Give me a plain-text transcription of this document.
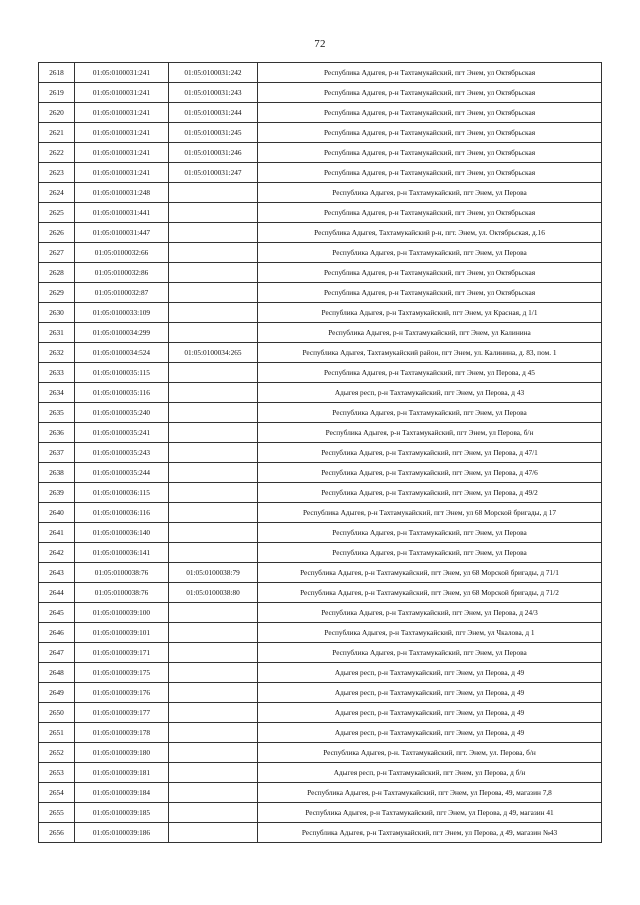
72
2618	01:05:0100031:241	01:05:0100031:242	Республика Адыгея, р-н Тахтамукайский, пгт Энем, ул Октябрьская
2619	01:05:0100031:241	01:05:0100031:243	Республика Адыгея, р-н Тахтамукайский, пгт Энем, ул Октябрьская
2620	01:05:0100031:241	01:05:0100031:244	Республика Адыгея, р-н Тахтамукайский, пгт Энем, ул Октябрьская
2621	01:05:0100031:241	01:05:0100031:245	Республика Адыгея, р-н Тахтамукайский, пгт Энем, ул Октябрьская
2622	01:05:0100031:241	01:05:0100031:246	Республика Адыгея, р-н Тахтамукайский, пгт Энем, ул Октябрьская
2623	01:05:0100031:241	01:05:0100031:247	Республика Адыгея, р-н Тахтамукайский, пгт Энем, ул Октябрьская
2624	01:05:0100031:248		Республика Адыгея, р-н Тахтамукайский, пгт Энем, ул Перова
2625	01:05:0100031:441		Республика Адыгея, р-н Тахтамукайский, пгт Энем, ул Октябрьская
2626	01:05:0100031:447		Республика Адыгея, Тахтамукайский р-н, пгт. Энем, ул. Октябрьская, д.16
2627	01:05:0100032:66		Республика Адыгея, р-н Тахтамукайский, пгт Энем, ул Перова
2628	01:05:0100032:86		Республика Адыгея, р-н Тахтамукайский, пгт Энем, ул Октябрьская
2629	01:05:0100032:87		Республика Адыгея, р-н Тахтамукайский, пгт Энем, ул Октябрьская
2630	01:05:0100033:109		Республика Адыгея, р-н Тахтамукайский, пгт Энем, ул Красная, д 1/1
2631	01:05:0100034:299		Республика Адыгея, р-н Тахтамукайский, пгт Энем, ул Калинина
2632	01:05:0100034:524	01:05:0100034:265	Республика Адыгея, Тахтамукайский район, пгт Энем, ул. Калинина, д. 83, пом. 1
2633	01:05:0100035:115		Республика Адыгея, р-н Тахтамукайский, пгт Энем, ул Перова, д 45
2634	01:05:0100035:116		Адыгея респ, р-н Тахтамукайский, пгт Энем, ул Перова, д 43
2635	01:05:0100035:240		Республика Адыгея, р-н Тахтамукайский, пгт Энем, ул Перова
2636	01:05:0100035:241		Республика Адыгея, р-н Тахтамукайский, пгт Энем, ул Перова, б/н
2637	01:05:0100035:243		Республика Адыгея, р-н Тахтамукайский, пгт Энем, ул Перова, д 47/1
2638	01:05:0100035:244		Республика Адыгея, р-н Тахтамукайский, пгт Энем, ул Перова, д 47/6
2639	01:05:0100036:115		Республика Адыгея, р-н Тахтамукайский, пгт Энем, ул Перова, д 49/2
2640	01:05:0100036:116		Республика Адыгея, р-н Тахтамукайский, пгт Энем, ул 68 Морской бригады, д 17
2641	01:05:0100036:140		Республика Адыгея, р-н Тахтамукайский, пгт Энем, ул Перова
2642	01:05:0100036:141		Республика Адыгея, р-н Тахтамукайский, пгт Энем, ул Перова
2643	01:05:0100038:76	01:05:0100038:79	Республика Адыгея, р-н Тахтамукайский, пгт Энем, ул 68 Морской бригады, д 71/1
2644	01:05:0100038:76	01:05:0100038:80	Республика Адыгея, р-н Тахтамукайский, пгт Энем, ул 68 Морской бригады, д 71/2
2645	01:05:0100039:100		Республика Адыгея, р-н Тахтамукайский, пгт Энем, ул Перова, д 24/3
2646	01:05:0100039:101		Республика Адыгея, р-н Тахтамукайский, пгт Энем, ул Чкалова, д 1
2647	01:05:0100039:171		Республика Адыгея, р-н Тахтамукайский, пгт Энем, ул Перова
2648	01:05:0100039:175		Адыгея респ, р-н Тахтамукайский, пгт Энем, ул Перова, д 49
2649	01:05:0100039:176		Адыгея респ, р-н Тахтамукайский, пгт Энем, ул Перова, д 49
2650	01:05:0100039:177		Адыгея респ, р-н Тахтамукайский, пгт Энем, ул Перова, д 49
2651	01:05:0100039:178		Адыгея респ, р-н Тахтамукайский, пгт Энем, ул Перова, д 49
2652	01:05:0100039:180		Республика Адыгея, р-н. Тахтамукайский, пгт. Энем, ул. Перова, б/н
2653	01:05:0100039:181		Адыгея респ, р-н Тахтамукайский, пгт Энем, ул Перова, д б/н
2654	01:05:0100039:184		Республика Адыгея, р-н Тахтамукайский, пгт Энем, ул Перова, 49, магазин 7,8
2655	01:05:0100039:185		Республика Адыгея, р-н Тахтамукайский, пгт Энем, ул Перова, д 49, магазин 41
2656	01:05:0100039:186		Республика Адыгея, р-н Тахтамукайский, пгт Энем, ул Перова, д 49, магазин №43
